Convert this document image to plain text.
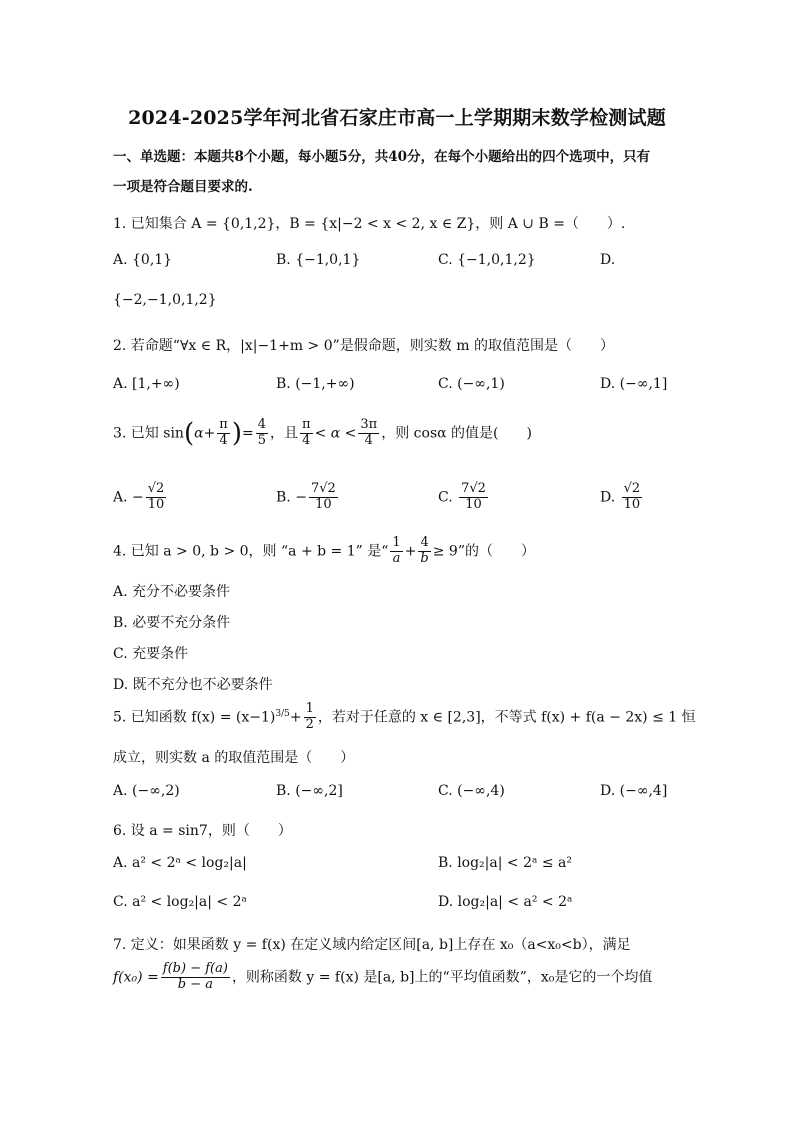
2024-2025学年河北省石家庄市高一上学期期末数学检测试题
一、单选题：本题共8个小题，每小题5分，共40分，在每个小题给出的四个选项中，只有
一项是符合题目要求的.
1. 已知集合 A = {0,1,2}，B = {x|−2 < x < 2, x ∈ Z}，则 A ∪ B =（　　）.
A. {0,1}	B. {−1,0,1}	C. {−1,0,1,2}	D.
{−2,−1,0,1,2}
2. 若命题“∀x ∈ R，|x|−1+m > 0”是假命题，则实数 m 的取值范围是（　　）
A. [1,+∞)	B. (−1,+∞)	C. (−∞,1)	D. (−∞,1]
3. 已知 $\sin(\alpha+ \frac{\pi}{4}$ )= $\frac{4}{5}$ ，且 $\frac{\pi}{4} < \alpha < \frac{3\pi}{4}$ ，则 cosα 的值是(　　)
A. − $\frac{√2}{10}$	B. − $\frac{7√2}{10}$	C. $\frac{7√2}{10}$	D. $\frac{√2}{10}$
4. 已知 a > 0, b > 0，则 “a + b = 1” 是“ $\frac{1}{a} + \frac{4}{b} \ge 9$”的（　　）
A. 充分不必要条件
B. 必要不充分条件
C. 充要条件
D. 既不充分也不必要条件
5. 已知函数 $f(x) = (x-1)^{3/5}+ \frac{1}{2}$ ，若对于任意的 x ∈ [2,3]，不等式 f(x) + f(a − 2x) ≤ 1 恒
成立，则实数 a 的取值范围是（　　）
A. (−∞,2)	B. (−∞,2]	C. (−∞,4)	D. (−∞,4]
6. 设 a = sin7，则（　　）
A. a² < 2ᵃ < log₂|a|	B. log₂|a| < 2ᵃ ≤ a²
C. a² < log₂|a| < 2ᵃ	D. log₂|a| < a² < 2ᵃ
7. 定义：如果函数 y = f(x) 在定义域内给定区间[a, b]上存在 x₀（a<x₀<b），满足
$f(x_0) = \frac{f(b) - f(a)}{b - a}$ ，则称函数 y = f(x) 是[a, b]上的“平均值函数”，x₀是它的一个均值
